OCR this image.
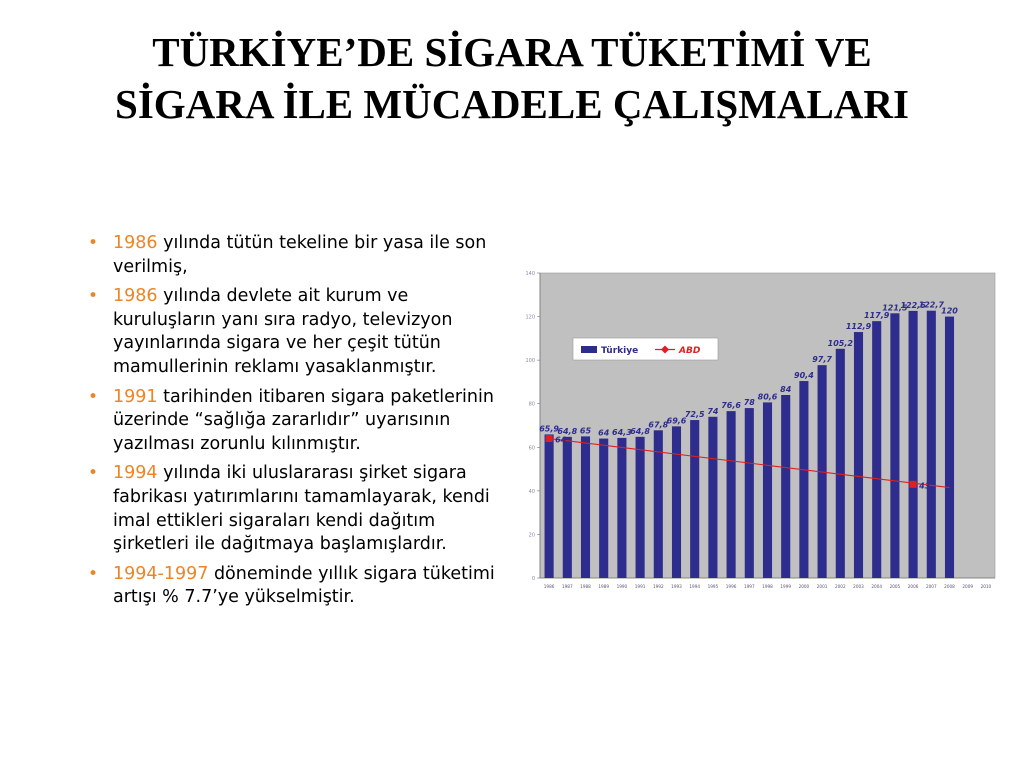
TÜRKİYE’DE SİGARA TÜKETİMİ VE
SİGARA İLE MÜCADELE ÇALIŞMALARI
• 1986 yılında tütün tekeline bir yasa ile son verilmiş,
• 1986 yılında devlete ait kurum ve kuruluşların yanı sıra radyo, televizyon yayınlarında sigara ve her çeşit tütün mamullerinin reklamı yasaklanmıştır.
• 1991 tarihinden itibaren sigara paketlerinin üzerinde “sağlığa zararlıdır” uyarısının yazılması zorunlu kılınmıştır.
• 1994 yılında iki uluslararası şirket sigara fabrikası yatırımlarını tamamlayarak, kendi imal ettikleri sigaraları kendi dağıtım şirketleri ile dağıtmaya başlamışlardır.
• 1994-1997 döneminde yıllık sigara tüketimi artışı % 7.7’ye yükselmiştir.
0
20
40
60
80
100
120
140
65,9
64,8 65 64 64,3
64,8
67,8
69,6
72,5 74
76,6 78
80,6
84
90,4
97,7
105,2
112,9
117,9
121,5
122,6
122,7
120
1986 1987 1988 1989 1990 1991 1992 1993 1994 1995 1996 1997 1998 1999 2000 2001 2002 2003 2004 2005 2006 2007 2008 2009 2010
64
43
Türkiye	ABD
